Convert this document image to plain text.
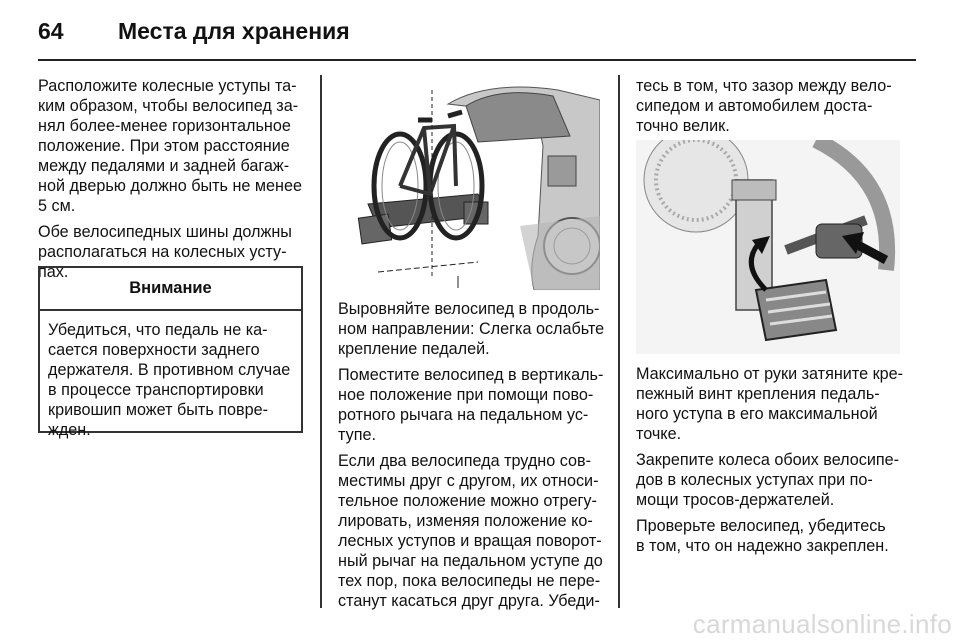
64 Места для хранения

Расположите колесные уступы та-
ким образом, чтобы велосипед за-
нял более-менее горизонтальное
положение. При этом расстояние
между педалями и задней багаж-
ной дверью должно быть не менее
5 см.

Обе велосипедных шины должны
располагаться на колесных усту-
пах.

Внимание
Убедиться, что педаль не ка-
сается поверхности заднего
держателя. В противном случае
в процессе транспортировки
кривошип может быть повре-
жден.

Выровняйте велосипед в продоль-
ном направлении: Слегка ослабьте
крепление педалей.

Поместите велосипед в вертикаль-
ное положение при помощи пово-
ротного рычага на педальном ус-
тупе.

Если два велосипеда трудно сов-
местимы друг с другом, их относи-
тельное положение можно отрегу-
лировать, изменяя положение ко-
лесных уступов и вращая поворот-
ный рычаг на педальном уступе до
тех пор, пока велосипеды не пере-
станут касаться друг друга. Убеди-

тесь в том, что зазор между вело-
сипедом и автомобилем доста-
точно велик.

Максимально от руки затяните кре-
пежный винт крепления педаль-
ного уступа в его максимальной
точке.

Закрепите колеса обоих велосипе-
дов в колесных уступах при по-
мощи тросов-держателей.

Проверьте велосипед, убедитесь
в том, что он надежно закреплен.

carmanualsonline.info
